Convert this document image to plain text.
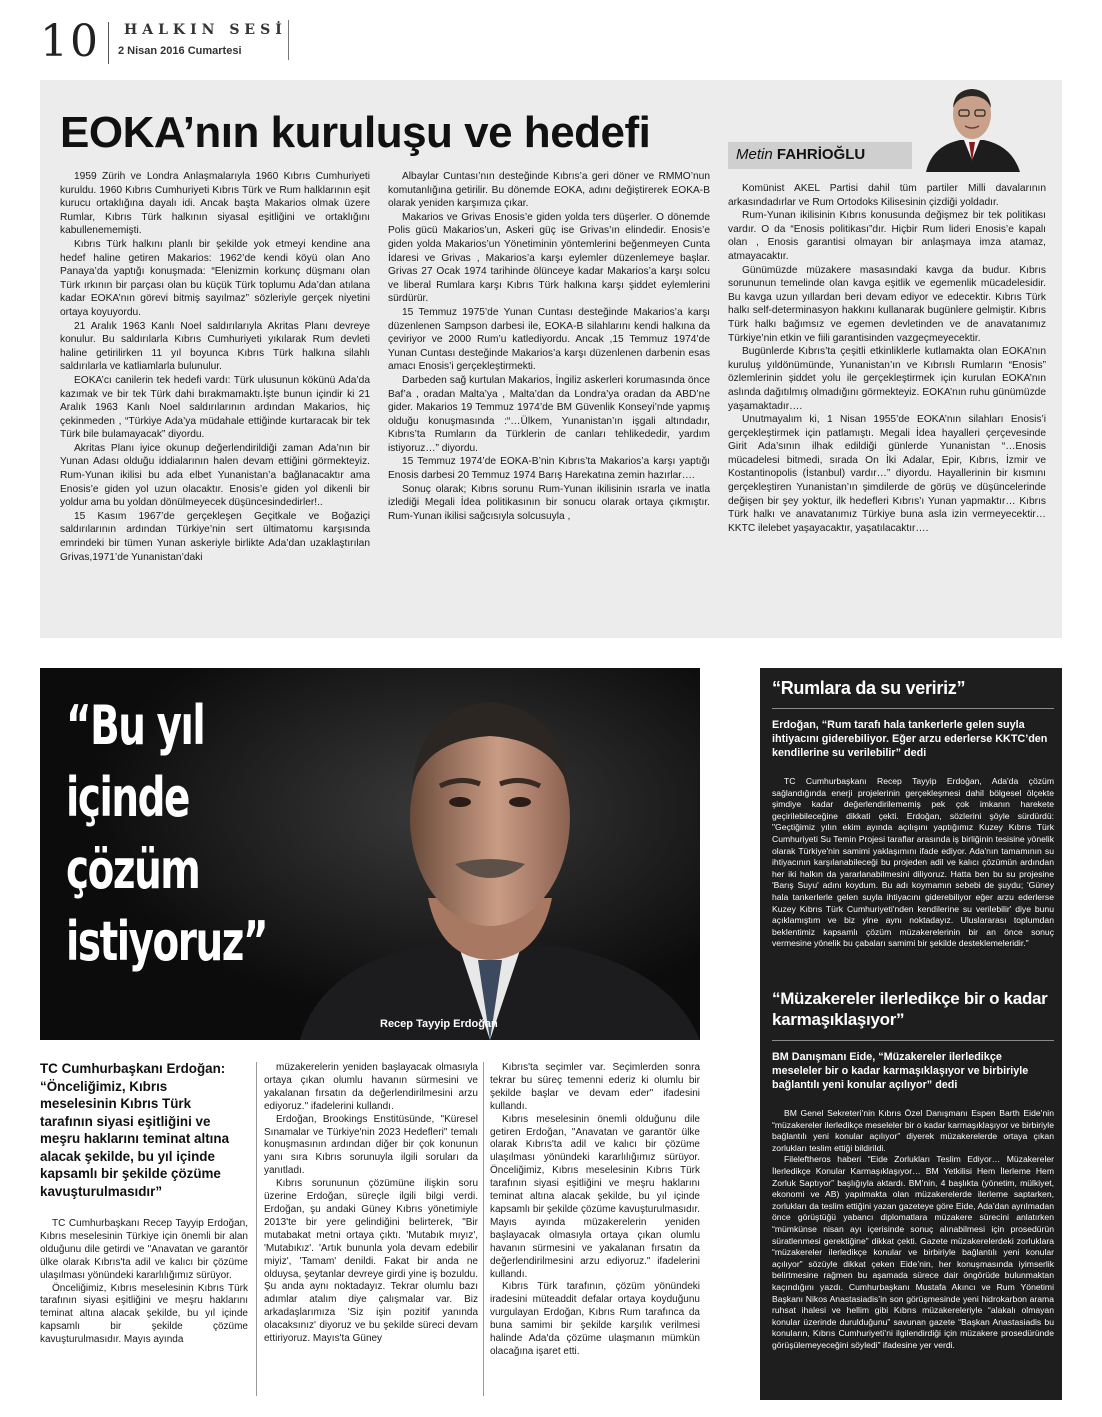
10 HALKIN SESİ
2 Nisan 2016 Cumartesi
EOKA’nın kuruluşu ve hedefi	Metin FAHRİOĞLU

1959 Zürih ve Londra Anlaşmalarıyla 1960 Kıbrıs Cumhuriyeti kuruldu. 1960 Kıbrıs Cumhuriyeti Kıbrıs Türk ve Rum halklarının eşit kurucu ortaklığına dayalı idi. Ancak başta Makarios olmak üzere Rumlar, Kıbrıs Türk halkının siyasal eşitliğini ve ortaklığını kabullenememişti.

Kıbrıs Türk halkını planlı bir şekilde yok etmeyi kendine ana hedef haline getiren Makarios: 1962’de kendi köyü olan Ano Panaya’da yaptığı konuşmada: “Elenizmin korkunç düşmanı olan Türk ırkının bir parçası olan bu küçük Türk toplumu Ada’dan atılana kadar EOKA’nın görevi bitmiş sayılmaz” sözleriyle gerçek niyetini ortaya koyuyordu.

21 Aralık 1963 Kanlı Noel saldırılarıyla Akritas Planı devreye konulur. Bu saldırılarla Kıbrıs Cumhuriyeti yıkılarak Rum devleti haline getirilirken 11 yıl boyunca Kıbrıs Türk halkına silahlı saldırılarla ve katliamlarla bulunulur.

EOKA’cı canilerin tek hedefi vardı: Türk ulusunun kökünü Ada’da kazımak ve bir tek Türk dahi bırakmamaktı.İşte bunun içindir ki 21 Aralık 1963 Kanlı Noel saldırılarının ardından Makarios, hiç çekinmeden , “Türkiye Ada’ya müdahale ettiğinde kurtaracak bir tek Türk bile bulamayacak” diyordu.

Akritas Planı iyice okunup değerlendirildiği zaman Ada’nın bir Yunan Adası olduğu iddialarının halen devam ettiğini görmekteyiz. Rum-Yunan ikilisi bu ada elbet Yunanistan’a bağlanacaktır ama Enosis’e giden yol uzun olacaktır. Enosis’e giden yol dikenli bir yoldur ama bu yoldan dönülmeyecek düşüncesindedirler!..

15 Kasım 1967’de gerçekleşen Geçitkale ve Boğaziçi saldırılarının ardından Türkiye’nin sert ültimatomu karşısında emrindeki bir tümen Yunan askeriyle birlikte Ada’dan uzaklaştırılan Grivas,1971’de Yunanistan’daki

Albaylar Cuntası’nın desteğinde Kıbrıs’a geri döner ve RMMO’nun komutanlığına getirilir. Bu dönemde EOKA, adını değiştirerek EOKA-B olarak yeniden karşımıza çıkar.

Makarios ve Grivas Enosis’e giden yolda ters düşerler. O dönemde Polis gücü Makarios’un, Askeri güç ise Grivas’ın elindedir. Enosis’e giden yolda Makarios’un Yönetiminin yöntemlerini beğenmeyen Cunta İdaresi ve Grivas , Makarios’a karşı eylemler düzenlemeye başlar. Grivas 27 Ocak 1974 tarihinde ölünceye kadar Makarios’a karşı solcu ve liberal Rumlara karşı Kıbrıs Türk halkına karşı şiddet eylemlerini sürdürür.

15 Temmuz 1975’de Yunan Cuntası desteğinde Makarios’a karşı düzenlenen Sampson darbesi ile, EOKA-B silahlarını kendi halkına da çeviriyor ve 2000 Rum’u katlediyordu. Ancak ,15 Temmuz 1974’de Yunan Cuntası desteğinde Makarios’a karşı düzenlenen darbenin esas amacı Enosis’i gerçekleştirmekti.

Darbeden sağ kurtulan Makarios, İngiliz askerleri korumasında önce Baf’a , oradan Malta’ya , Malta’dan da Londra’ya oradan da ABD’ne gider. Makarios 19 Temmuz 1974’de BM Güvenlik Konseyi’nde yapmış olduğu konuşmasında :“…Ülkem, Yunanistan’ın işgali altındadır, Kıbrıs’ta Rumların da Türklerin de canları tehlikededir, yardım istiyoruz…” diyordu.

15 Temmuz 1974’de EOKA-B’nin Kıbrıs’ta Makarios’a karşı yaptığı Enosis darbesi 20 Temmuz 1974 Barış Harekatına zemin hazırlar….

Sonuç olarak; Kıbrıs sorunu Rum-Yunan ikilisinin ısrarla ve inatla izlediği Megali İdea politikasının bir sonucu olarak ortaya çıkmıştır. Rum-Yunan ikilisi sağcısıyla solcusuyla ,

Komünist AKEL Partisi dahil tüm partiler Milli davalarının arkasındadırlar ve Rum Ortodoks Kilisesinin çizdiği yoldadır.

Rum-Yunan ikilisinin Kıbrıs konusunda değişmez bir tek politikası vardır. O da “Enosis politikası”dır. Hiçbir Rum lideri Enosis’e kapalı olan , Enosis garantisi olmayan bir anlaşmaya imza atamaz, atmayacaktır.

Günümüzde müzakere masasındaki kavga da budur. Kıbrıs sorununun temelinde olan kavga eşitlik ve egemenlik mücadelesidir. Bu kavga uzun yıllardan beri devam ediyor ve edecektir. Kıbrıs Türk halkı self-determinasyon hakkını kullanarak bugünlere gelmiştir. Kıbrıs Türk halkı bağımsız ve egemen devletinden ve de anavatanımız Türkiye’nin etkin ve fiili garantisinden vazgeçmeyecektir.

Bugünlerde Kıbrıs’ta çeşitli etkinliklerle kutlamakta olan EOKA’nın kuruluş yıldönümünde, Yunanistan’ın ve Kıbrıslı Rumların “Enosis” özlemlerinin şiddet yolu ile gerçekleştirmek için kurulan EOKA’nın aslında dağıtılmış olmadığını görmekteyiz. EOKA’nın ruhu günümüzde yaşamaktadır….

Unutmayalım ki, 1 Nisan 1955’de EOKA’nın silahları Enosis’i gerçekleştirmek için patlamıştı. Megali İdea hayalleri çerçevesinde Girit Ada’sının ilhak edildiği günlerde Yunanistan “…Enosis mücadelesi bitmedi, sırada On İki Adalar, Epir, Kıbrıs, İzmir ve Kostantinopolis (İstanbul) vardır…” diyordu. Hayallerinin bir kısmını gerçekleştiren Yunanistan’ın şimdilerde de görüş ve düşüncelerinde değişen bir şey yoktur, ilk hedefleri Kıbrıs’ı Yunan yapmaktır… Kıbrıs Türk halkı ve anavatanımız Türkiye buna asla izin vermeyecektir… KKTC ilelebet yaşayacaktır, yaşatılacaktır….

“Bu yıl
içinde
çözüm
istiyoruz”
Recep Tayyip Erdoğan
TC Cumhurbaşkanı Erdoğan: “Önceliğimiz, Kıbrıs meselesinin Kıbrıs Türk tarafının siyasi eşitliğini ve meşru haklarını teminat altına alacak şekilde, bu yıl içinde kapsamlı bir şekilde çözüme kavuşturulmasıdır”

TC Cumhurbaşkanı Recep Tayyip Erdoğan, Kıbrıs meselesinin Türkiye için önemli bir alan olduğunu dile getirdi ve "Anavatan ve garantör ülke olarak Kıbrıs'ta adil ve kalıcı bir çözüme ulaşılması yönündeki kararlılığımız sürüyor.

Önceliğimiz, Kıbrıs meselesinin Kıbrıs Türk tarafının siyasi eşitliğini ve meşru haklarını teminat altına alacak şekilde, bu yıl içinde kapsamlı bir şekilde çözüme kavuşturulmasıdır. Mayıs ayında

müzakerelerin yeniden başlayacak olmasıyla ortaya çıkan olumlu havanın sürmesini ve yakalanan fırsatın da değerlendirilmesini arzu ediyoruz." ifadelerini kullandı.

Erdoğan, Brookings Enstitüsünde, "Küresel Sınamalar ve Türkiye'nin 2023 Hedefleri" temalı konuşmasının ardından diğer bir çok konunun yanı sıra Kıbrıs sorunuyla ilgili soruları da yanıtladı.

Kıbrıs sorununun çözümüne ilişkin soru üzerine Erdoğan, süreçle ilgili bilgi verdi. Erdoğan, şu andaki Güney Kıbrıs yönetimiyle 2013'te bir yere gelindiğini belirterek, "Bir mutabakat metni ortaya çıktı. 'Mutabık mıyız', 'Mutabıkız'. 'Artık bununla yola devam edebilir miyiz', 'Tamam' denildi. Fakat bir anda ne olduysa, şeytanlar devreye girdi yine iş bozuldu. Şu anda aynı noktadayız. Tekrar olumlu bazı adımlar atalım diye çalışmalar var. Biz arkadaşlarımıza 'Siz işin pozitif yanında olacaksınız' diyoruz ve bu şekilde süreci devam ettiriyoruz. Mayıs'ta Güney

Kıbrıs'ta seçimler var. Seçimlerden sonra tekrar bu süreç temenni ederiz ki olumlu bir şekilde başlar ve devam eder" ifadesini kullandı.

Kıbrıs meselesinin önemli olduğunu dile getiren Erdoğan, "Anavatan ve garantör ülke olarak Kıbrıs'ta adil ve kalıcı bir çözüme ulaşılması yönündeki kararlılığımız sürüyor. Önceliğimiz, Kıbrıs meselesinin Kıbrıs Türk tarafının siyasi eşitliğini ve meşru haklarını teminat altına alacak şekilde, bu yıl içinde kapsamlı bir şekilde çözüme kavuşturulmasıdır. Mayıs ayında müzakerelerin yeniden başlayacak olmasıyla ortaya çıkan olumlu havanın sürmesini ve yakalanan fırsatın da değerlendirilmesini arzu ediyoruz." ifadelerini kullandı.

Kıbrıs Türk tarafının, çözüm yönündeki iradesini müteaddit defalar ortaya koyduğunu vurgulayan Erdoğan, Kıbrıs Rum tarafınca da buna samimi bir şekilde karşılık verilmesi halinde Ada'da çözüme ulaşmanın mümkün olacağına işaret etti.

“Rumlara da su veririz”
Erdoğan, “Rum tarafı hala tankerlerle gelen suyla ihtiyacını giderebiliyor. Eğer arzu ederlerse KKTC’den kendilerine su verilebilir” dedi

TC Cumhurbaşkanı Recep Tayyip Erdoğan, Ada'da çözüm sağlandığında enerji projelerinin gerçekleşmesi dahil bölgesel ölçekte şimdiye kadar değerlendirilememiş pek çok imkanın harekete geçirilebileceğine dikkati çekti. Erdoğan, sözlerini şöyle sürdürdü: "Geçtiğimiz yılın ekim ayında açılışını yaptığımız Kuzey Kıbrıs Türk Cumhuriyeti Su Temin Projesi taraflar arasında iş birliğinin tesisine yönelik olarak Türkiye'nin samimi yaklaşımını ifade ediyor. Ada'nın tamamının su ihtiyacının karşılanabileceği bu projeden adil ve kalıcı çözümün ardından her iki halkın da yararlanabilmesini diliyoruz. Hatta ben bu su projesine 'Barış Suyu' adını koydum. Bu adı koymamın sebebi de şuydu; 'Güney hala tankerlerle gelen suyla ihtiyacını giderebiliyor eğer arzu ederlerse Kuzey Kıbrıs Türk Cumhuriyeti'nden kendilerine su verilebilir' diye bunu açıklamıştım ve biz yine aynı noktadayız. Uluslararası toplumdan beklentimiz kapsamlı çözüm müzakerelerinin bir an önce sonuç vermesine yönelik bu çabaları samimi bir şekilde desteklemeleridir."

“Müzakereler ilerledikçe bir o kadar karmaşıklaşıyor”
BM Danışmanı Eide, “Müzakereler ilerledikçe meseleler bir o kadar karmaşıklaşıyor ve birbiriyle bağlantılı yeni konular açılıyor” dedi

BM Genel Sekreteri’nin Kıbrıs Özel Danışmanı Espen Barth Eide’nin “müzakereler ilerledikçe meseleler bir o kadar karmaşıklaşıyor ve birbiriyle bağlantılı yeni konular açılıyor” diyerek müzakerelerde ortaya çıkan zorlukları teslim ettiği bildirildi.

Fileleftheros haberi “Eide Zorlukları Teslim Ediyor… Müzakereler İlerledikçe Konular Karmaşıklaşıyor… BM Yetkilisi Hem İlerleme Hem Zorluk Saptıyor” başlığıyla aktardı. BM’nin, 4 başlıkta (yönetim, mülkiyet, ekonomi ve AB) yapılmakta olan müzakerelerde ilerleme saptarken, zorlukları da teslim ettiğini yazan gazeteye göre Eide, Ada’dan ayrılmadan önce görüştüğü yabancı diplomatlara müzakere sürecini anlatırken “mümkünse nisan ayı içerisinde sonuç alınabilmesi için prosedürün süratlenmesi gerektiğine” dikkat çekti. Gazete müzakerelerdeki zorluklara “müzakereler ilerledikçe konular ve birbiriyle bağlantılı yeni konular açılıyor” sözüyle dikkat çeken Eide’nin, her konuşmasında iyimserlik belirtmesine rağmen bu aşamada sürece dair öngörüde bulunmaktan kaçındığını yazdı. Cumhurbaşkanı Mustafa Akıncı ve Rum Yönetimi Başkanı Nikos Anastasiadis’in son görüşmesinde yeni hidrokarbon arama ruhsat ihalesi ve hellim gibi Kıbrıs müzakereleriyle “alakalı olmayan konular üzerinde durulduğunu” savunan gazete “Başkan Anastasiadis bu konuların, Kıbrıs Cumhuriyeti’ni ilgilendirdiği için müzakere prosedüründe görüşülemeyeceğini söyledi” ifadesine yer verdi.
